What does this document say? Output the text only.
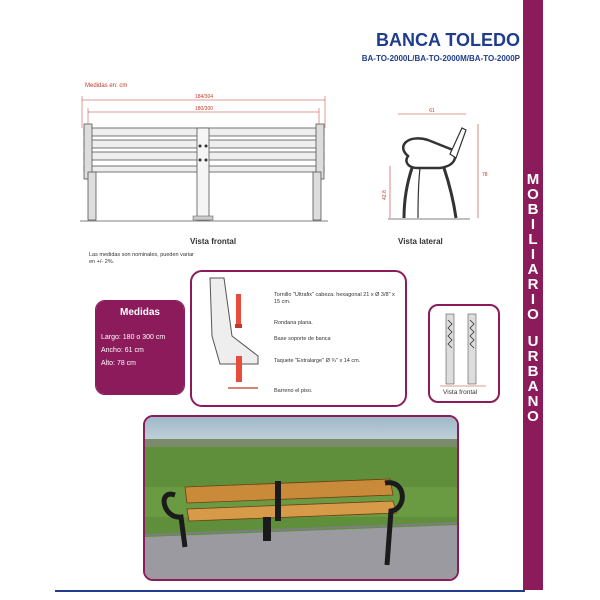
BANCA TOLEDO
BA-TO-2000L/BA-TO-2000M/BA-TO-2000P
M
O
B
I
L
I
A
R
I
O
U
R
B
A
N
O
Medidas en: cm
184/304
180/300
Vista frontal
61
78
42.8
Vista lateral
Las medidas son nominales, pueden variar en +/- 2%.
Medidas
Largo: 180 o 300 cm
Ancho: 61 cm
Alto: 78 cm
Tornillo "Ultrafix" cabeza. hexagonal 21 x Ø 3/8" x 15 cm.
Rondana plana.
Base soporte de banca
Taquete "Extralarge" Ø ¾" x 14 cm.
Barreno el piso.	Vista frontal
